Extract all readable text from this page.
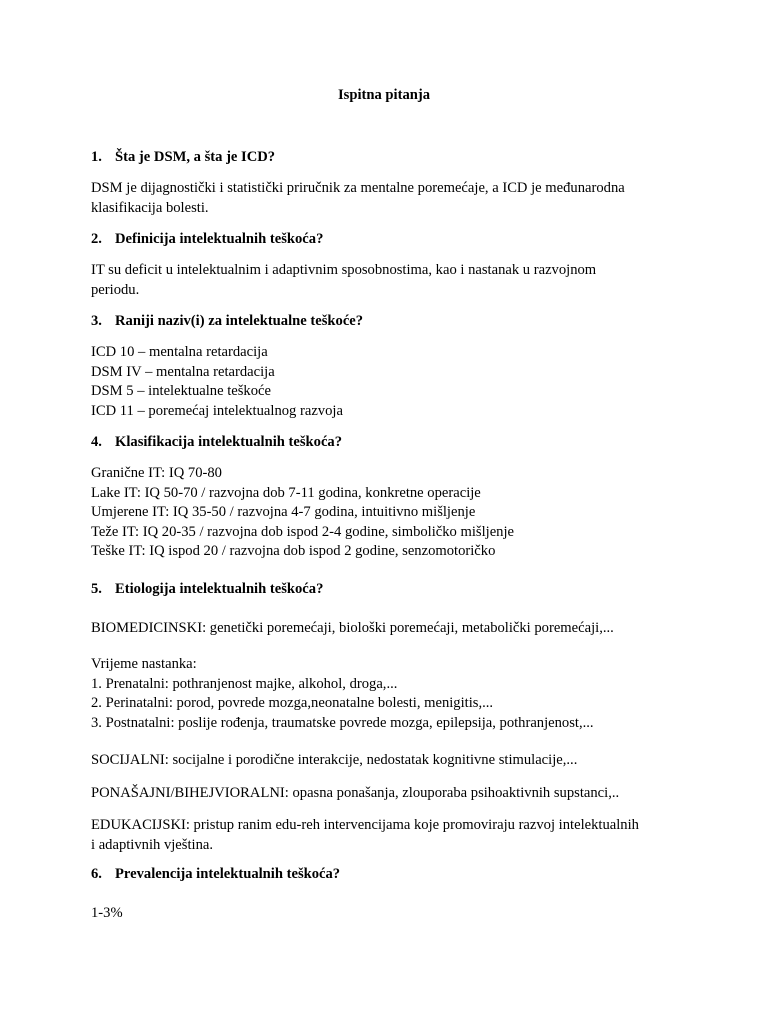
Ispitna pitanja
1. Šta je DSM, a šta je ICD?
DSM je dijagnostički i statistički priručnik za mentalne poremećaje, a ICD je međunarodna
klasifikacija bolesti.
2. Definicija intelektualnih teškoća?
IT su deficit u intelektualnim i adaptivnim sposobnostima, kao i nastanak u razvojnom
periodu.
3. Raniji naziv(i) za intelektualne teškoće?
ICD 10 – mentalna retardacija
DSM IV – mentalna retardacija
DSM 5 – intelektualne teškoće
ICD 11 – poremećaj intelektualnog razvoja
4. Klasifikacija intelektualnih teškoća?
Granične IT: IQ 70-80
Lake IT: IQ 50-70 / razvojna dob 7-11 godina, konkretne operacije
Umjerene IT: IQ 35-50 / razvojna 4-7 godina, intuitivno mišljenje
Teže IT: IQ 20-35 / razvojna dob ispod 2-4 godine, simboličko mišljenje
Teške IT: IQ ispod 20 / razvojna dob ispod 2 godine, senzomotoričko
5. Etiologija intelektualnih teškoća?
BIOMEDICINSKI: genetički poremećaji, biološki poremećaji, metabolički poremećaji,...
Vrijeme nastanka:
1. Prenatalni: pothranjenost majke, alkohol, droga,...
2. Perinatalni: porod, povrede mozga,neonatalne bolesti, menigitis,...
3. Postnatalni: poslije rođenja, traumatske povrede mozga, epilepsija, pothranjenost,...
SOCIJALNI: socijalne i porodične interakcije, nedostatak kognitivne stimulacije,...
PONAŠAJNI/BIHEJVIORALNI: opasna ponašanja, zlouporaba psihoaktivnih supstanci,..
EDUKACIJSKI: pristup ranim edu-reh intervencijama koje promoviraju razvoj intelektualnih
i adaptivnih vještina.
6. Prevalencija intelektualnih teškoća?
1-3%
